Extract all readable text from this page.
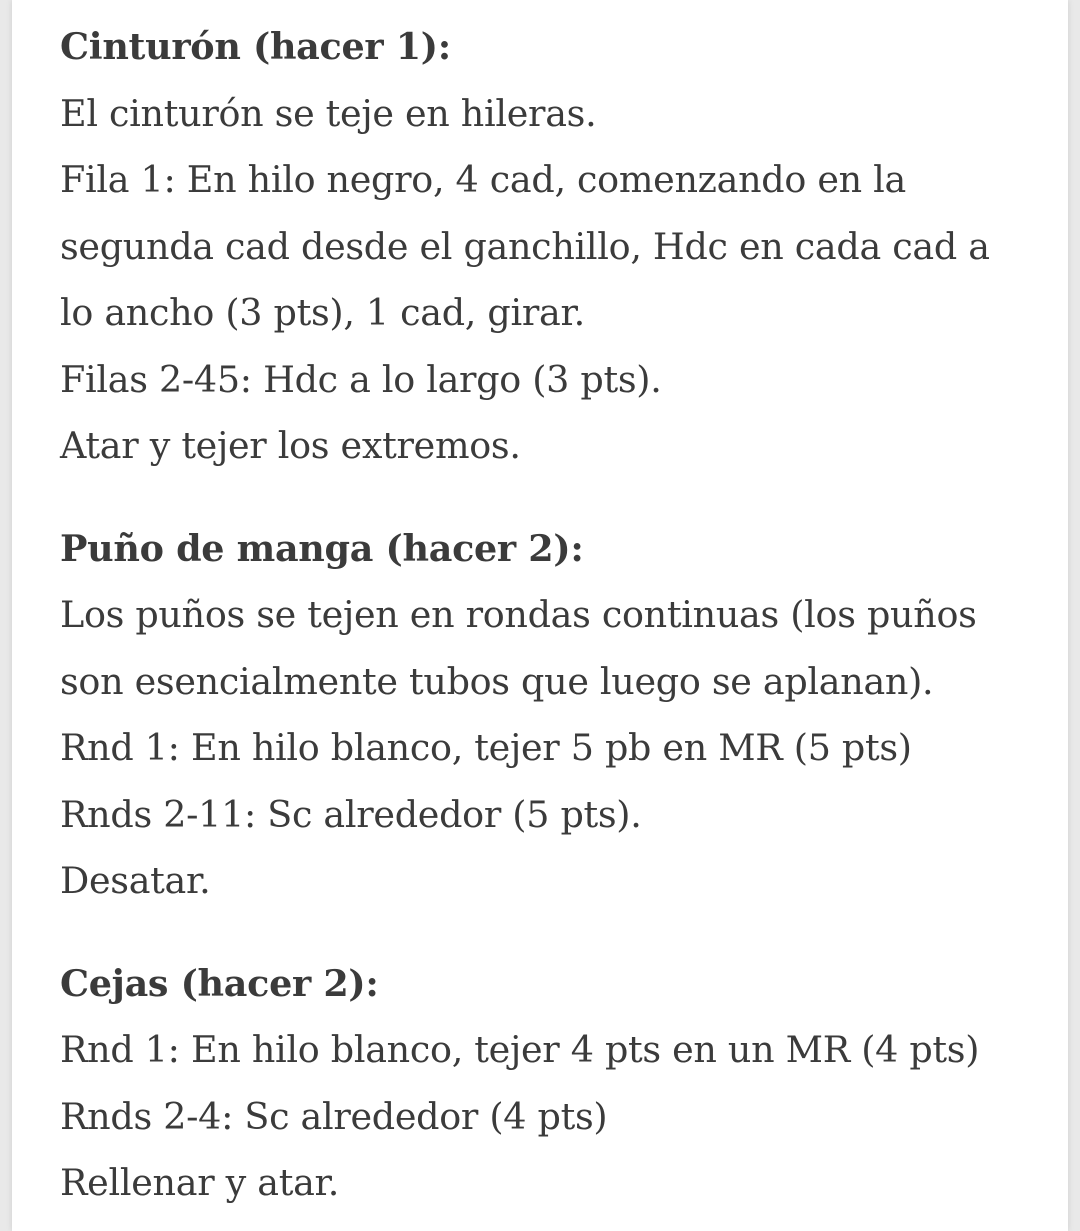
Cinturón (hacer 1):
El cinturón se teje en hileras.
Fila 1: En hilo negro, 4 cad, comenzando en la
segunda cad desde el ganchillo, Hdc en cada cad a
lo ancho (3 pts), 1 cad, girar.
Filas 2-45: Hdc a lo largo (3 pts).
Atar y tejer los extremos.
Puño de manga (hacer 2):
Los puños se tejen en rondas continuas (los puños
son esencialmente tubos que luego se aplanan).
Rnd 1: En hilo blanco, tejer 5 pb en MR (5 pts)
Rnds 2-11: Sc alrededor (5 pts).
Desatar.
Cejas (hacer 2):
Rnd 1: En hilo blanco, tejer 4 pts en un MR (4 pts)
Rnds 2-4: Sc alrededor (4 pts)
Rellenar y atar.
